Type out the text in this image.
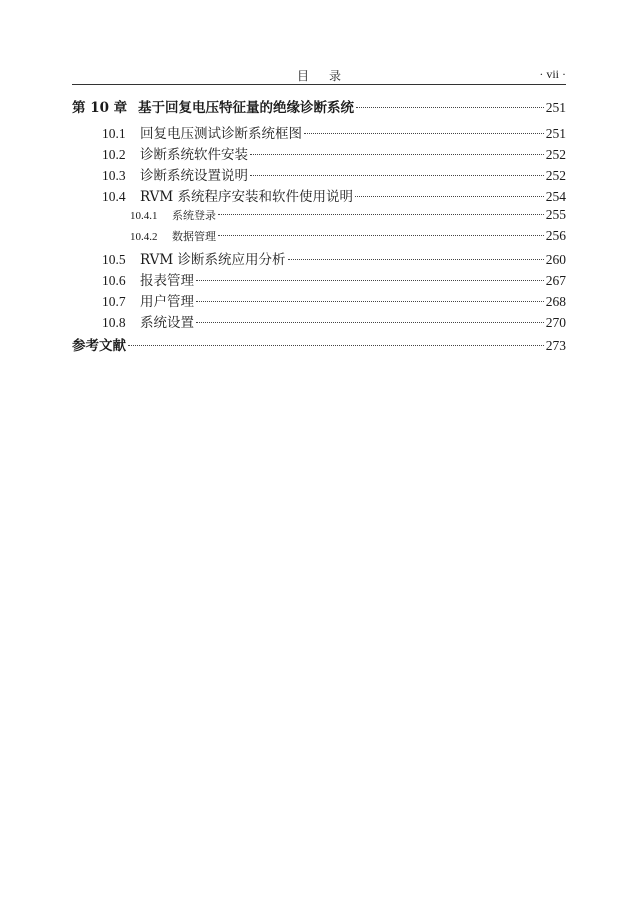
目录	· vii ·
第 10 章 基于回复电压特征量的绝缘诊断系统	251
10.1	回复电压测试诊断系统框图	251
10.2	诊断系统软件安装	252
10.3	诊断系统设置说明	252
10.4	RVM 系统程序安装和软件使用说明	254
10.4.1	系统登录	255
10.4.2	数据管理	256
10.5	RVM 诊断系统应用分析	260
10.6	报表管理	267
10.7	用户管理	268
10.8	系统设置	270
参考文献	273
